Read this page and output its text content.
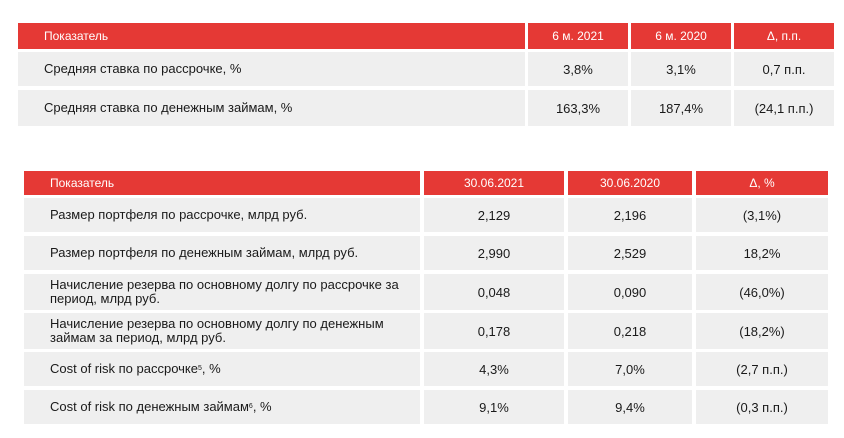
Показатель	6 м. 2021	6 м. 2020	Δ, п.п.
Средняя ставка по рассрочке, %	3,8%	3,1%	0,7 п.п.
Средняя ставка по денежным займам, %	163,3%	187,4%	(24,1 п.п.)
Показатель	30.06.2021	30.06.2020	Δ, %
Размер портфеля по рассрочке, млрд руб.	2,129	2,196	(3,1%)
Размер портфеля по денежным займам, млрд руб.	2,990	2,529	18,2%
Начисление резерва по основному долгу по рассрочке за период, млрд руб.	0,048	0,090	(46,0%)
Начисление резерва по основному долгу по денежным займам за период, млрд руб.	0,178	0,218	(18,2%)
Cost of risk по рассрочке 5 , %	4,3%	7,0%	(2,7 п.п.)
Cost of risk по денежным займам 6 , %	9,1%	9,4%	(0,3 п.п.)
